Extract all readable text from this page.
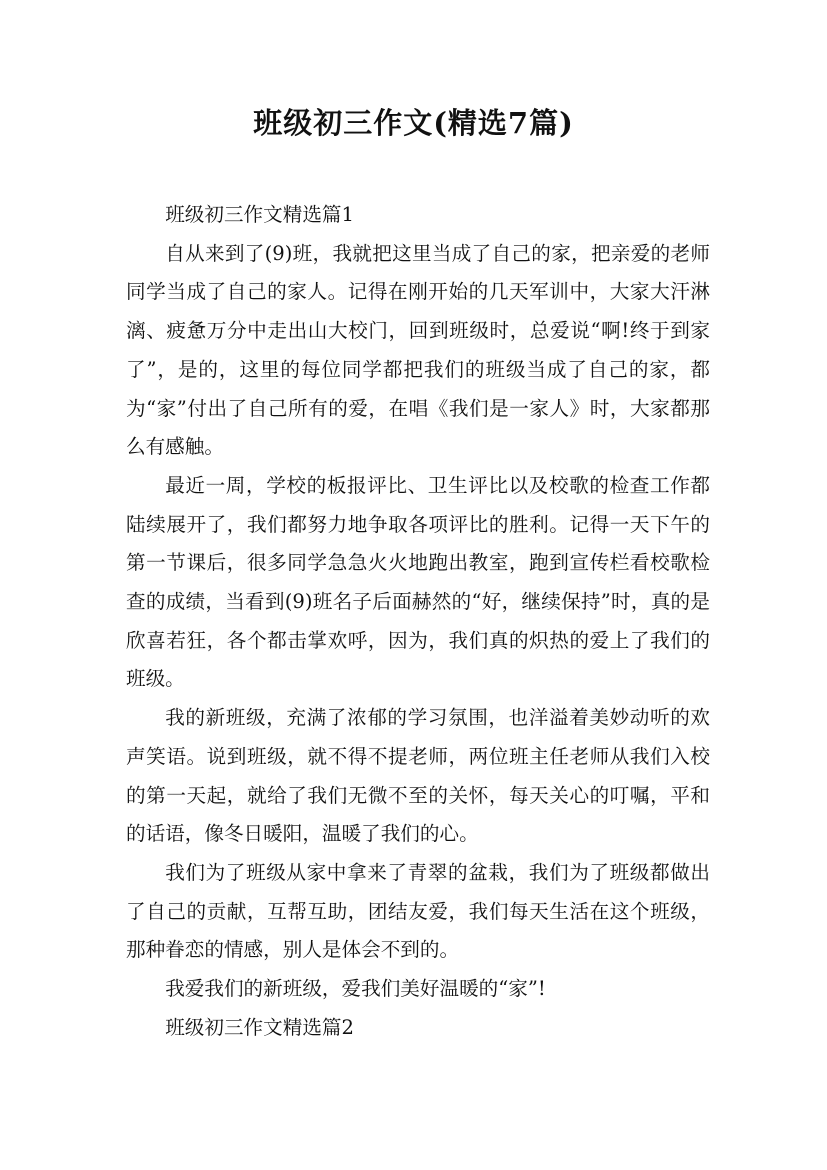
班级初三作文(精选7篇)

班级初三作文精选篇1

自从来到了(9)班，我就把这里当成了自己的家，把亲爱的老师同学当成了自己的家人。记得在刚开始的几天军训中，大家大汗淋漓、疲惫万分中走出山大校门，回到班级时，总爱说“啊!终于到家了”，是的，这里的每位同学都把我们的班级当成了自己的家，都为“家”付出了自己所有的爱，在唱《我们是一家人》时，大家都那么有感触。

最近一周，学校的板报评比、卫生评比以及校歌的检查工作都陆续展开了，我们都努力地争取各项评比的胜利。记得一天下午的第一节课后，很多同学急急火火地跑出教室，跑到宣传栏看校歌检查的成绩，当看到(9)班名子后面赫然的“好，继续保持”时，真的是欣喜若狂，各个都击掌欢呼，因为，我们真的炽热的爱上了我们的班级。

我的新班级，充满了浓郁的学习氛围，也洋溢着美妙动听的欢声笑语。说到班级，就不得不提老师，两位班主任老师从我们入校的第一天起，就给了我们无微不至的关怀，每天关心的叮嘱，平和的话语，像冬日暖阳，温暖了我们的心。

我们为了班级从家中拿来了青翠的盆栽，我们为了班级都做出了自己的贡献，互帮互助，团结友爱，我们每天生活在这个班级，那种眷恋的情感，别人是体会不到的。

我爱我们的新班级，爱我们美好温暖的“家”!

班级初三作文精选篇2
